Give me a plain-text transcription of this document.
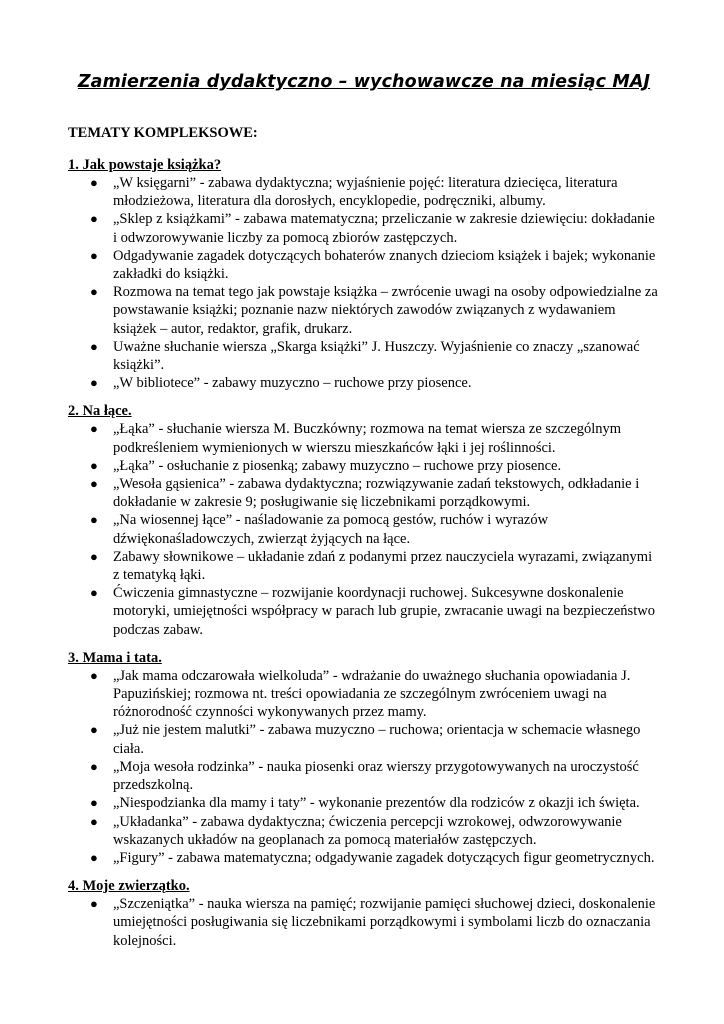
Zamierzenia dydaktyczno – wychowawcze na miesiąc MAJ
TEMATY KOMPLEKSOWE:
1. Jak powstaje książka?
● „W księgarni” - zabawa dydaktyczna; wyjaśnienie pojęć: literatura dziecięca, literatura młodzieżowa, literatura dla dorosłych, encyklopedie, podręczniki, albumy.
● „Sklep z książkami” - zabawa matematyczna; przeliczanie w zakresie dziewięciu: dokładanie i odwzorowywanie liczby za pomocą zbiorów zastępczych.
● Odgadywanie zagadek dotyczących bohaterów znanych dzieciom książek i bajek; wykonanie zakładki do książki.
● Rozmowa na temat tego jak powstaje książka – zwrócenie uwagi na osoby odpowiedzialne za powstawanie książki; poznanie nazw niektórych zawodów związanych z wydawaniem książek – autor, redaktor, grafik, drukarz.
● Uważne słuchanie wiersza „Skarga książki” J. Huszczy. Wyjaśnienie co znaczy „szanować książki”.
● „W bibliotece” - zabawy muzyczno – ruchowe przy piosence.
2. Na łące.
● „Łąka” - słuchanie wiersza M. Buczkówny; rozmowa na temat wiersza ze szczególnym podkreśleniem wymienionych w wierszu mieszkańców łąki i jej roślinności.
● „Łąka” - osłuchanie z piosenką; zabawy muzyczno – ruchowe przy piosence.
● „Wesoła gąsienica” - zabawa dydaktyczna; rozwiązywanie zadań tekstowych, odkładanie i dokładanie w zakresie 9; posługiwanie się liczebnikami porządkowymi.
● „Na wiosennej łące” - naśladowanie za pomocą gestów, ruchów i wyrazów dźwiękonaśladowczych, zwierząt żyjących na łące.
● Zabawy słownikowe – układanie zdań z podanymi przez nauczyciela wyrazami, związanymi z tematyką łąki.
● Ćwiczenia gimnastyczne – rozwijanie koordynacji ruchowej. Sukcesywne doskonalenie motoryki, umiejętności współpracy w parach lub grupie, zwracanie uwagi na bezpieczeństwo podczas zabaw.
3. Mama i tata.
● „Jak mama odczarowała wielkoluda” - wdrażanie do uważnego słuchania opowiadania J. Papuzińskiej; rozmowa nt. treści opowiadania ze szczególnym zwróceniem uwagi na różnorodność czynności wykonywanych przez mamy.
● „Już nie jestem malutki” - zabawa muzyczno – ruchowa; orientacja w schemacie własnego ciała.
● „Moja wesoła rodzinka” - nauka piosenki oraz wierszy przygotowywanych na uroczystość przedszkolną.
● „Niespodzianka dla mamy i taty” - wykonanie prezentów dla rodziców z okazji ich święta.
● „Układanka” - zabawa dydaktyczna; ćwiczenia percepcji wzrokowej, odwzorowywanie wskazanych układów na geoplanach za pomocą materiałów zastępczych.
● „Figury” - zabawa matematyczna; odgadywanie zagadek dotyczących figur geometrycznych.
4. Moje zwierzątko.
● „Szczeniątka” - nauka wiersza na pamięć; rozwijanie pamięci słuchowej dzieci, doskonalenie umiejętności posługiwania się liczebnikami porządkowymi i symbolami liczb do oznaczania kolejności.
